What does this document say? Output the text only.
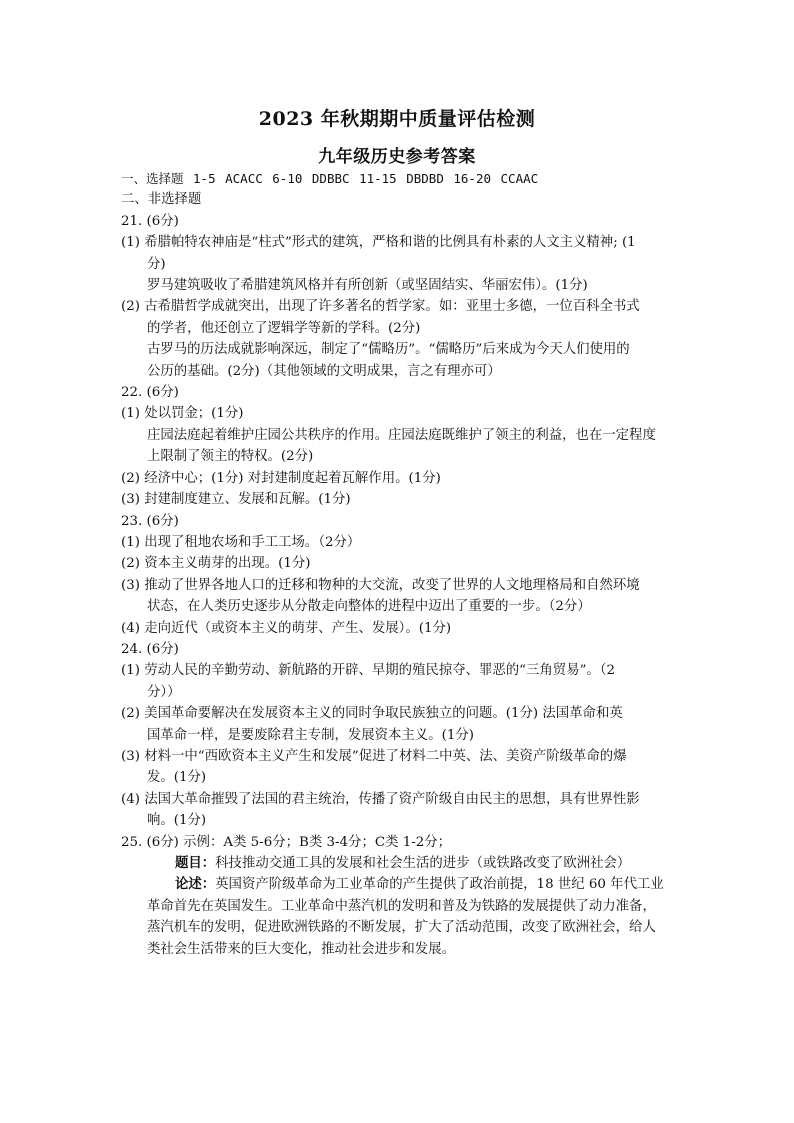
2023 年秋期期中质量评估检测
九年级历史参考答案
一、选择题 1-5 ACACC 6-10 DDBBC 11-15 DBDBD 16-20 CCAAC
二、非选择题
21. (6分)
(1) 希腊帕特农神庙是“柱式”形式的建筑，严格和谐的比例具有朴素的人文主义精神; (1
分)
罗马建筑吸收了希腊建筑风格并有所创新（或坚固结实、华丽宏伟）。(1分)
(2) 古希腊哲学成就突出，出现了许多著名的哲学家。如：亚里士多德，一位百科全书式
的学者，他还创立了逻辑学等新的学科。(2分)
古罗马的历法成就影响深远，制定了“儒略历”。“儒略历”后来成为今天人们使用的
公历的基础。(2分)（其他领域的文明成果，言之有理亦可）
22. (6分)
(1) 处以罚金；(1分)
庄园法庭起着维护庄园公共秩序的作用。庄园法庭既维护了领主的利益，也在一定程度
上限制了领主的特权。(2分)
(2) 经济中心；(1分) 对封建制度起着瓦解作用。(1分)
(3) 封建制度建立、发展和瓦解。(1分)
23. (6分)
(1) 出现了租地农场和手工工场。（2分）
(2) 资本主义萌芽的出现。(1分)
(3) 推动了世界各地人口的迁移和物种的大交流，改变了世界的人文地理格局和自然环境
状态，在人类历史逐步从分散走向整体的进程中迈出了重要的一步。（2分）
(4) 走向近代（或资本主义的萌芽、产生、发展）。(1分)
24. (6分)
(1) 劳动人民的辛勤劳动、新航路的开辟、早期的殖民掠夺、罪恶的“三角贸易”。（2
分））
(2) 美国革命要解决在发展资本主义的同时争取民族独立的问题。(1分) 法国革命和英
国革命一样，是要废除君主专制，发展资本主义。(1分)
(3) 材料一中“西欧资本主义产生和发展”促进了材料二中英、法、美资产阶级革命的爆
发。(1分)
(4) 法国大革命摧毁了法国的君主统治，传播了资产阶级自由民主的思想，具有世界性影
响。(1分)
25. (6分) 示例：A类 5-6分；B类 3-4分；C类 1-2分；
题目：科技推动交通工具的发展和社会生活的进步（或铁路改变了欧洲社会）
论述：英国资产阶级革命为工业革命的产生提供了政治前提，18 世纪 60 年代工业
革命首先在英国发生。工业革命中蒸汽机的发明和普及为铁路的发展提供了动力准备，
蒸汽机车的发明，促进欧洲铁路的不断发展，扩大了活动范围，改变了欧洲社会，给人
类社会生活带来的巨大变化，推动社会进步和发展。
